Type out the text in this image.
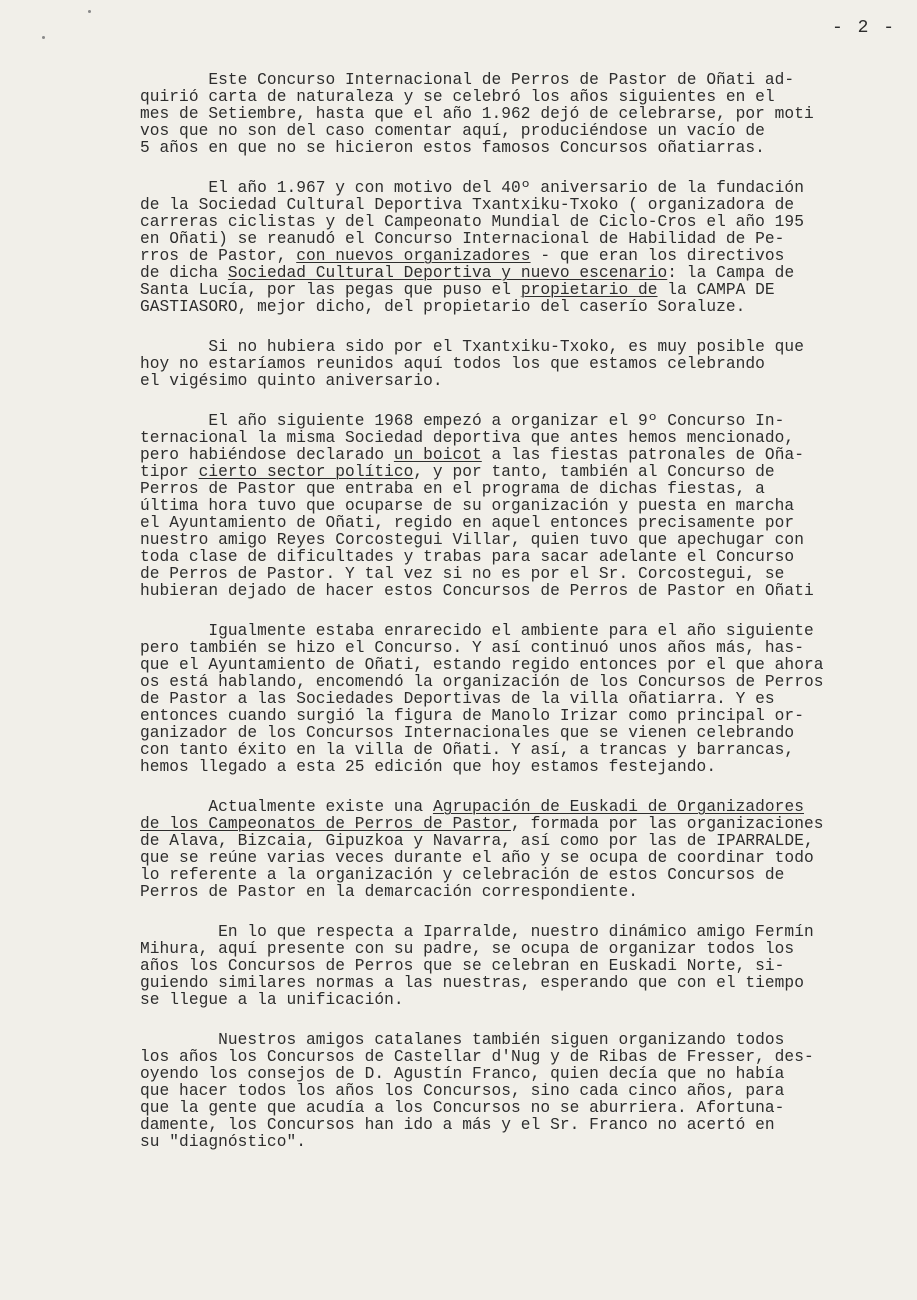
- 2 -
Este Concurso Internacional de Perros de Pastor de Oñati ad-
quirió carta de naturaleza y se celebró los años siguientes en el
mes de Setiembre, hasta que el año 1.962 dejó de celebrarse, por moti
vos que no son del caso comentar aquí, produciéndose un vacío de
5 años en que no se hicieron estos famosos Concursos oñatiarras.
El año 1.967 y con motivo del 40º aniversario de la fundación
de la Sociedad Cultural Deportiva Txantxiku-Txoko ( organizadora de
carreras ciclistas y del Campeonato Mundial de Ciclo-Cros el año 195
en Oñati) se reanudó el Concurso Internacional de Habilidad de Pe-
rros de Pastor, con nuevos organizadores - que eran los directivos
de dicha Sociedad Cultural Deportiva y nuevo escenario: la Campa de
Santa Lucía, por las pegas que puso el propietario de la CAMPA DE
GASTIASORO, mejor dicho, del propietario del caserío Soraluze.
Si no hubiera sido por el Txantxiku-Txoko, es muy posible que
hoy no estaríamos reunidos aquí todos los que estamos celebrando
el vigésimo quinto aniversario.
El año siguiente 1968 empezó a organizar el 9º Concurso In-
ternacional la misma Sociedad deportiva que antes hemos mencionado,
pero habiéndose declarado un boicot a las fiestas patronales de Oña-
tipor cierto sector político, y por tanto, también al Concurso de
Perros de Pastor que entraba en el programa de dichas fiestas, a
última hora tuvo que ocuparse de su organización y puesta en marcha
el Ayuntamiento de Oñati, regido en aquel entonces precisamente por
nuestro amigo Reyes Corcostegui Villar, quien tuvo que apechugar con
toda clase de dificultades y trabas para sacar adelante el Concurso
de Perros de Pastor. Y tal vez si no es por el Sr. Corcostegui, se
hubieran dejado de hacer estos Concursos de Perros de Pastor en Oñati
Igualmente estaba enrarecido el ambiente para el año siguiente
pero también se hizo el Concurso. Y así continuó unos años más, has-
que el Ayuntamiento de Oñati, estando regido entonces por el que ahora
os está hablando, encomendó la organización de los Concursos de Perros
de Pastor a las Sociedades Deportivas de la villa oñatiarra. Y es
entonces cuando surgió la figura de Manolo Irizar como principal or-
ganizador de los Concursos Internacionales que se vienen celebrando
con tanto éxito en la villa de Oñati. Y así, a trancas y barrancas,
hemos llegado a esta 25 edición que hoy estamos festejando.
Actualmente existe una Agrupación de Euskadi de Organizadores
de los Campeonatos de Perros de Pastor, formada por las organizaciones
de Alava, Bizcaia, Gipuzkoa y Navarra, así como por las de IPARRALDE,
que se reúne varias veces durante el año y se ocupa de coordinar todo
lo referente a la organización y celebración de estos Concursos de
Perros de Pastor en la demarcación correspondiente.
En lo que respecta a Iparralde, nuestro dinámico amigo Fermín
Mihura, aquí presente con su padre, se ocupa de organizar todos los
años los Concursos de Perros que se celebran en Euskadi Norte, si-
guiendo similares normas a las nuestras, esperando que con el tiempo
se llegue a la unificación.
Nuestros amigos catalanes también siguen organizando todos
los años los Concursos de Castellar d'Nug y de Ribas de Fresser, des-
oyendo los consejos de D. Agustín Franco, quien decía que no había
que hacer todos los años los Concursos, sino cada cinco años, para
que la gente que acudía a los Concursos no se aburriera. Afortuna-
damente, los Concursos han ido a más y el Sr. Franco no acertó en
su "diagnóstico".
